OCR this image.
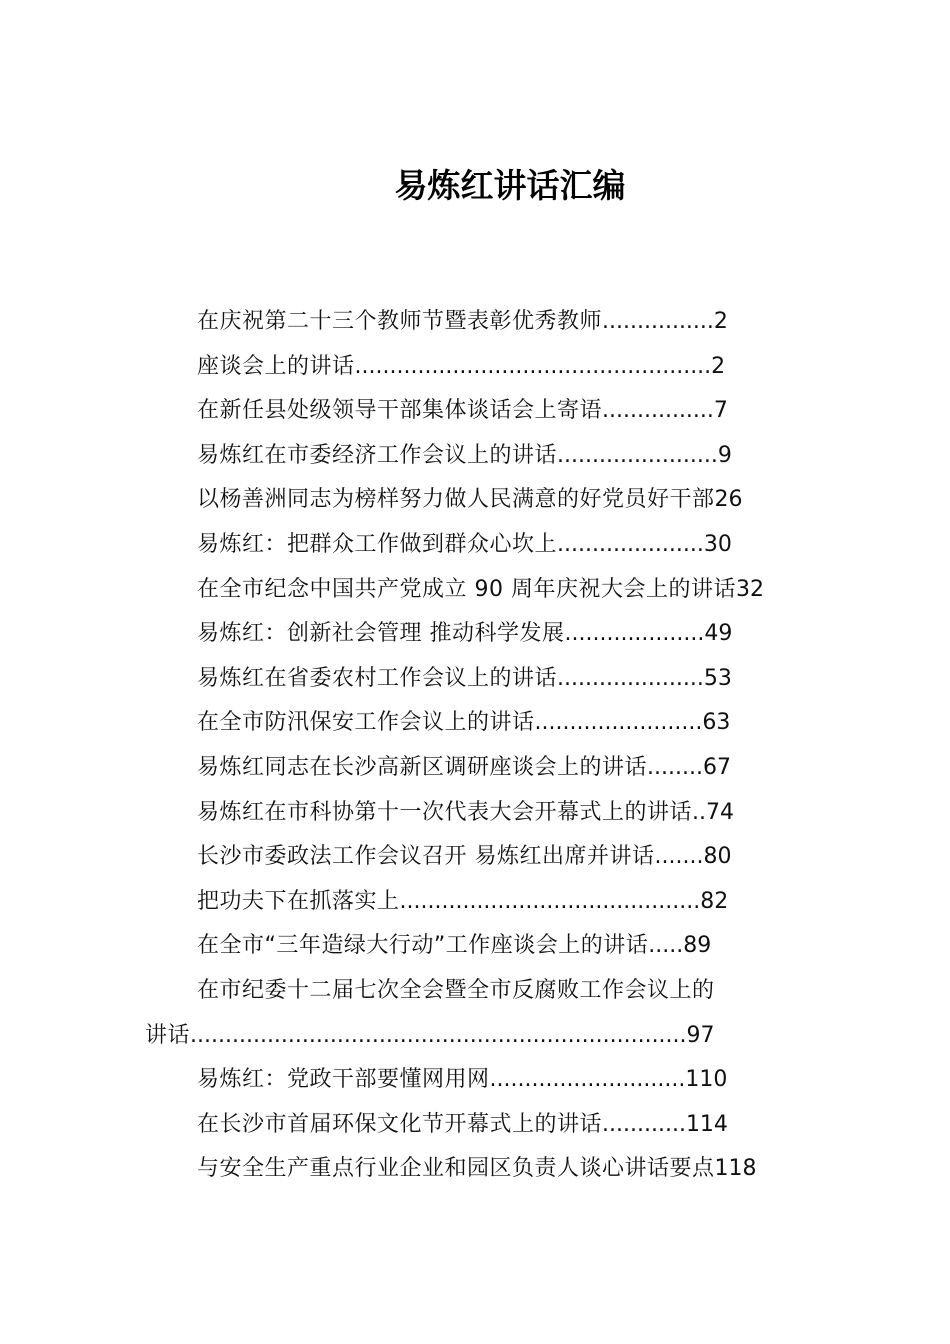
易炼红讲话汇编
在庆祝第二十三个教师节暨表彰优秀教师 ................ 2
座谈会上的讲话 ................................................... 2
在新任县处级领导干部集体谈话会上寄语 ................ 7
易炼红在市委经济工作会议上的讲话 ....................... 9
以杨善洲同志为榜样努力做人民满意的好党员好干部 26
易炼红：把群众工作做到群众心坎上 ..................... 30
在全市纪念中国共产党成立 90 周年庆祝大会上的讲话 32
易炼红：创新社会管理 推动科学发展 .................... 49
易炼红在省委农村工作会议上的讲话 ..................... 53
在全市防汛保安工作会议上的讲话 ........................ 63
易炼红同志在长沙高新区调研座谈会上的讲话 ........ 67
易炼红在市科协第十一次代表大会开幕式上的讲话 .. 74
长沙市委政法工作会议召开 易炼红出席并讲话 ....... 80
把功夫下在抓落实上 ........................................... 82
在全市“三年造绿大行动”工作座谈会上的讲话 ..... 89
在市纪委十二届七次全会暨全市反腐败工作会议上的
讲话 ....................................................................... 97
易炼红：党政干部要懂网用网 ............................ 110
在长沙市首届环保文化节开幕式上的讲话 ............ 114
与安全生产重点行业企业和园区负责人谈心讲话要点 118
